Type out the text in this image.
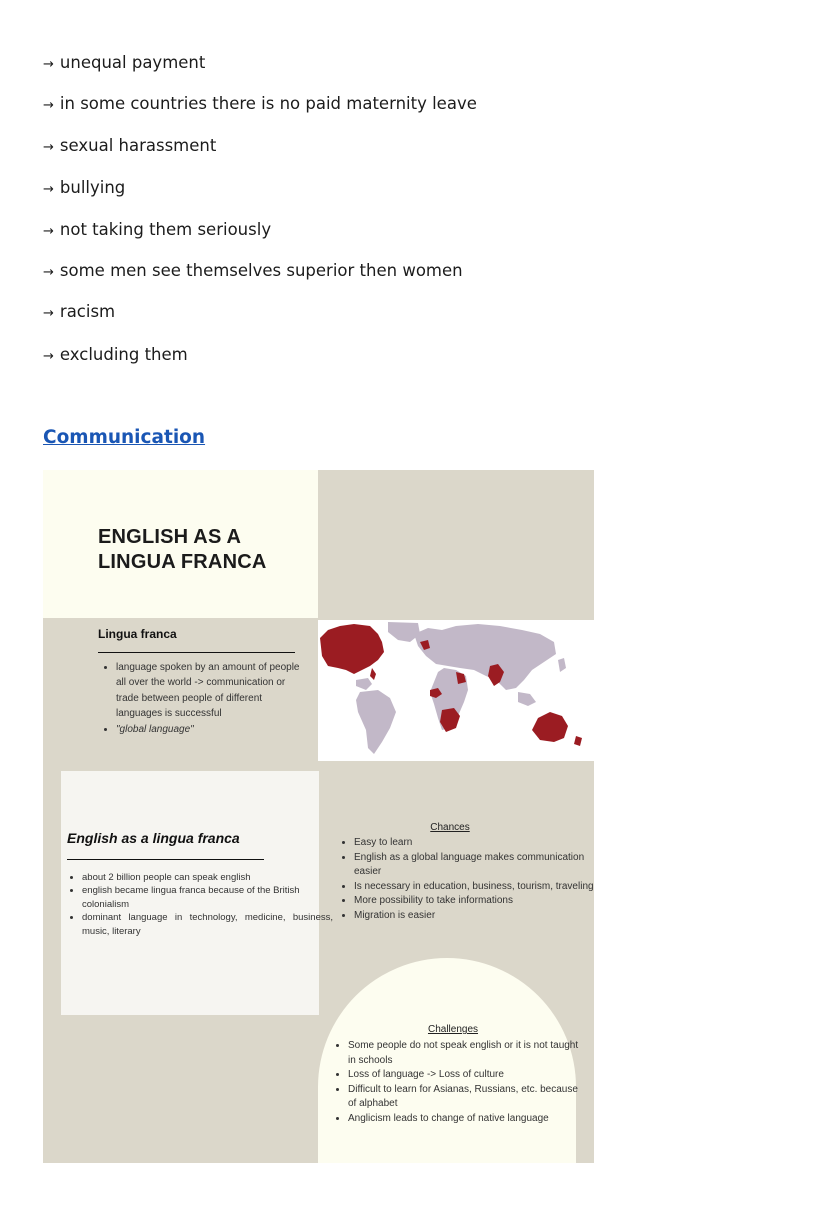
→ unequal payment
→ in some countries there is no paid maternity leave
→ sexual harassment
→ bullying
→ not taking them seriously
→ some men see themselves superior then women
→ racism
→ excluding them
Communication
ENGLISH AS A
LINGUA FRANCA
Lingua franca
• language spoken by an amount of people all over the world -> communication or trade between people of different languages is successful
• "global language"
English as a lingua franca
• about 2 billion people can speak english
• english became lingua franca because of the British colonialism
• dominant language in technology, medicine, business, music, literary
Chances
• Easy to learn
• English as a global language makes communication easier
• Is necessary in education, business, tourism, traveling
• More possibility to take informations
• Migration is easier
Challenges
• Some people do not speak english or it is not taught in schools
• Loss of language -> Loss of culture
• Difficult to learn for Asianas, Russians, etc. because of alphabet
• Anglicism leads to change of native language
